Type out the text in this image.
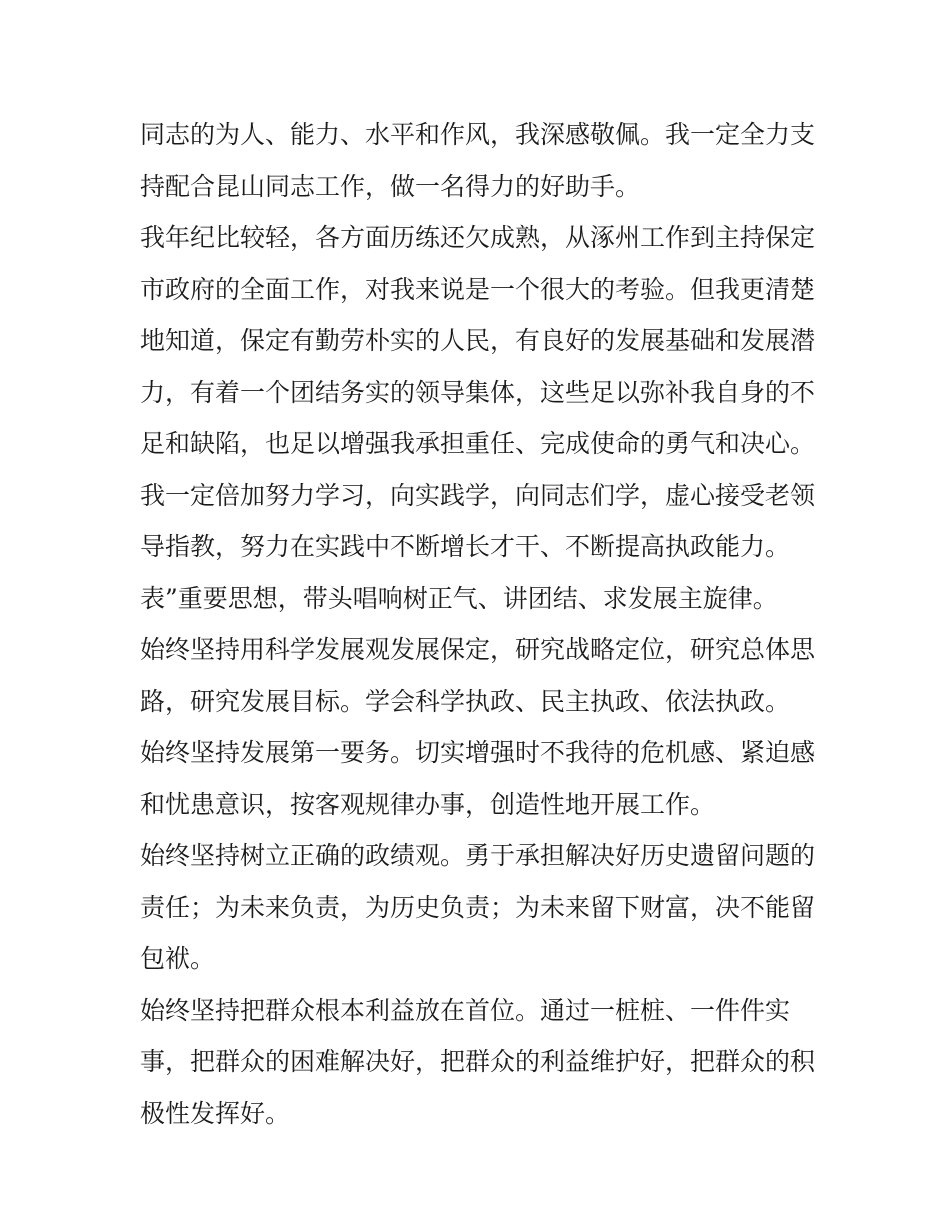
同志的为人、能力、水平和作风，我深感敬佩。我一定全力支
持配合昆山同志工作，做一名得力的好助手。

我年纪比较轻，各方面历练还欠成熟，从涿州工作到主持保定
市政府的全面工作，对我来说是一个很大的考验。但我更清楚
地知道，保定有勤劳朴实的人民，有良好的发展基础和发展潜
力，有着一个团结务实的领导集体，这些足以弥补我自身的不
足和缺陷，也足以增强我承担重任、完成使命的勇气和决心。

我一定倍加努力学习，向实践学，向同志们学，虚心接受老领
导指教，努力在实践中不断增长才干、不断提高执政能力。

表”重要思想，带头唱响树正气、讲团结、求发展主旋律。

始终坚持用科学发展观发展保定，研究战略定位，研究总体思
路，研究发展目标。学会科学执政、民主执政、依法执政。

始终坚持发展第一要务。切实增强时不我待的危机感、紧迫感
和忧患意识，按客观规律办事，创造性地开展工作。

始终坚持树立正确的政绩观。勇于承担解决好历史遗留问题的
责任；为未来负责，为历史负责；为未来留下财富，决不能留
包袱。

始终坚持把群众根本利益放在首位。通过一桩桩、一件件实
事，把群众的困难解决好，把群众的利益维护好，把群众的积
极性发挥好。
